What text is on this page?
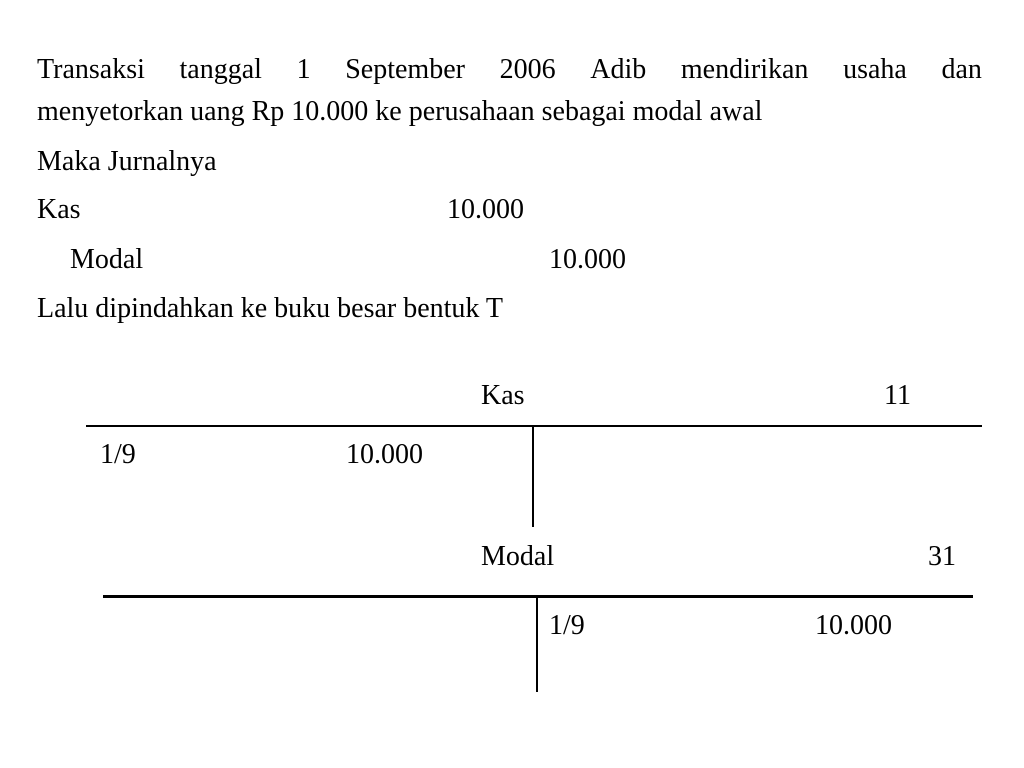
Transaksi tanggal 1 September 2006 Adib mendirikan usaha dan
menyetorkan uang Rp 10.000 ke perusahaan sebagai modal awal
Maka Jurnalnya
Kas	10.000
Modal	10.000
Lalu dipindahkan ke buku besar bentuk T
Kas	11
1/9	10.000
Modal	31
1/9	10.000
